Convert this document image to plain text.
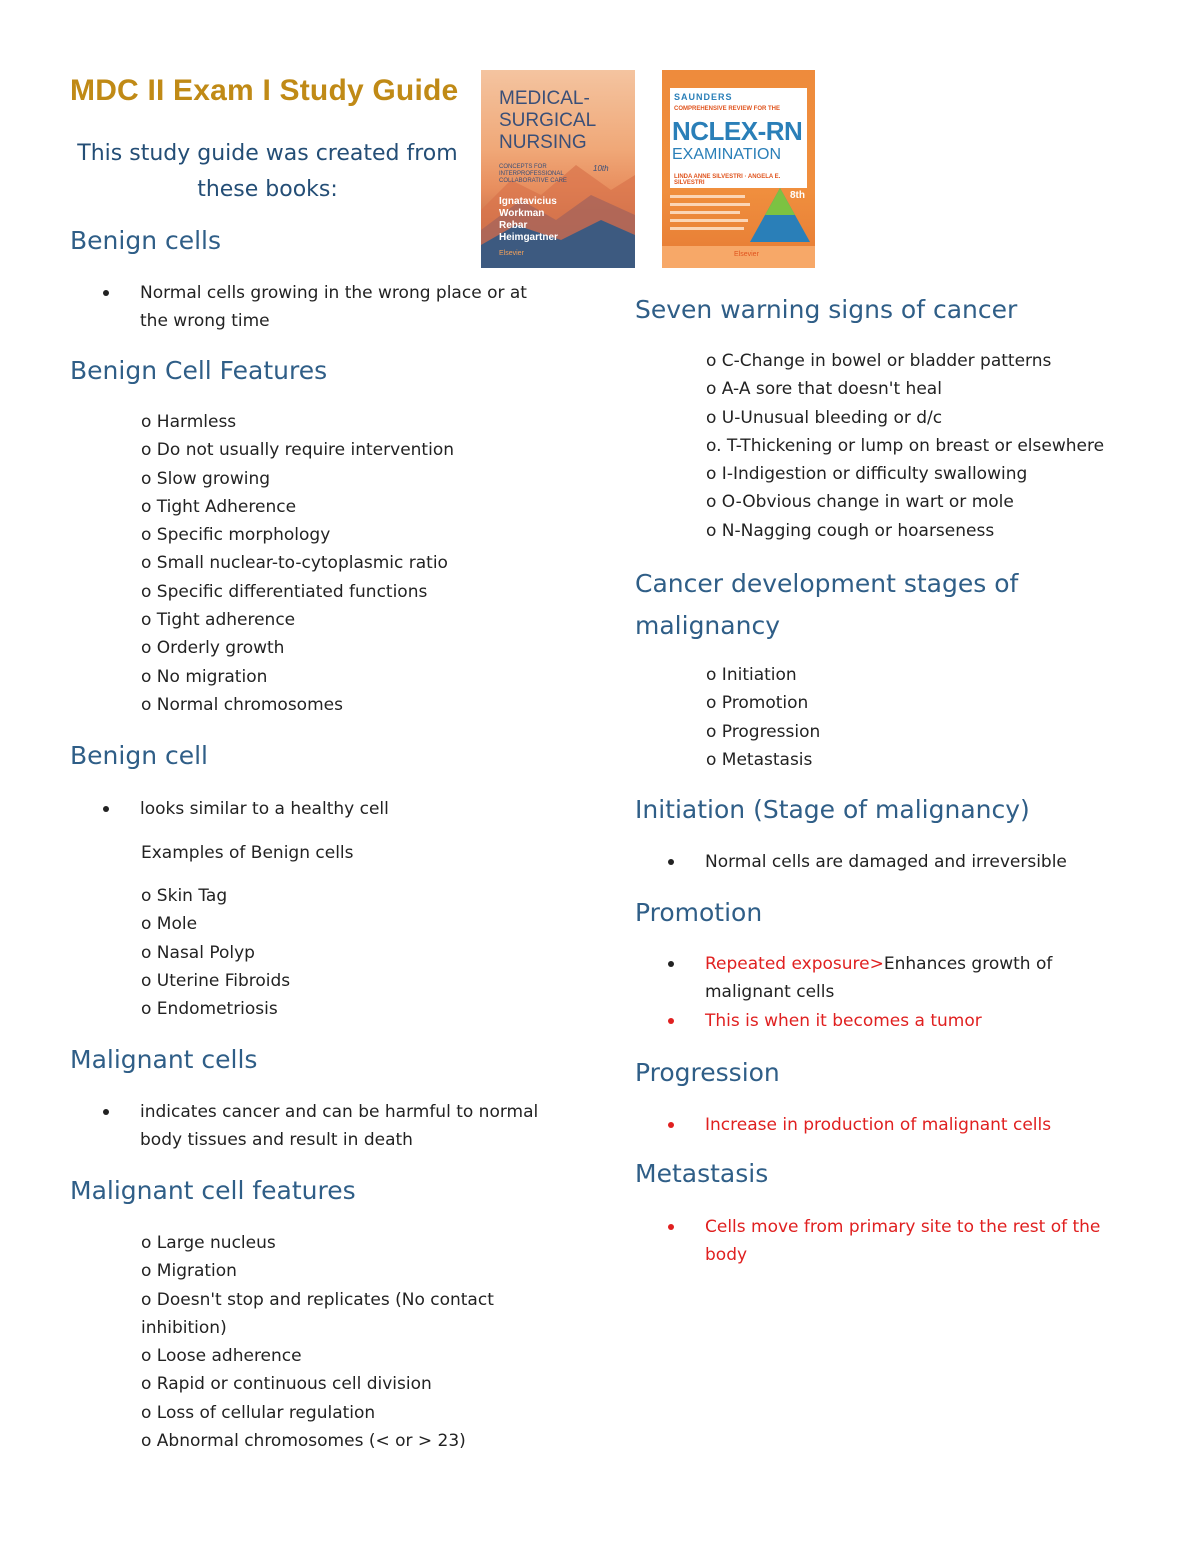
MDC II Exam I Study Guide
This study guide was created from these books:
MEDICAL-
SURGICAL
NURSING
10th
CONCEPTS FOR INTERPROFESSIONAL COLLABORATIVE CARE
Ignatavicius
Workman
Rebar
Heimgartner
Elsevier
SAUNDERS
COMPREHENSIVE REVIEW FOR THE
NCLEX-RN
EXAMINATION
LINDA ANNE SILVESTRI · ANGELA E. SILVESTRI
8th
Elsevier
Benign cells
Normal cells growing in the wrong place or at the wrong time
Benign Cell Features
o Harmless
o Do not usually require intervention
o Slow growing
o Tight Adherence
o Specific morphology
o Small nuclear-to-cytoplasmic ratio
o Specific differentiated functions
o Tight adherence
o Orderly growth
o No migration
o Normal chromosomes
Benign cell
looks similar to a healthy cell
Examples of Benign cells
o Skin Tag
o Mole
o Nasal Polyp
o Uterine Fibroids
o Endometriosis
Malignant cells
indicates cancer and can be harmful to normal body tissues and result in death
Malignant cell features
o Large nucleus
o Migration
o Doesn't stop and replicates (No contact
inhibition)
o Loose adherence
o Rapid or continuous cell division
o Loss of cellular regulation
o Abnormal chromosomes (< or > 23)
Seven warning signs of cancer
o C-Change in bowel or bladder patterns
o A-A sore that doesn't heal
o U-Unusual bleeding or d/c
o. T-Thickening or lump on breast or elsewhere
o I-Indigestion or difficulty swallowing
o O-Obvious change in wart or mole
o N-Nagging cough or hoarseness
Cancer development stages of malignancy
o Initiation
o Promotion
o Progression
o Metastasis
Initiation (Stage of malignancy)
Normal cells are damaged and irreversible
Promotion
Repeated exposure>Enhances growth of malignant cells
This is when it becomes a tumor
Progression
Increase in production of malignant cells
Metastasis
Cells move from primary site to the rest of the body
